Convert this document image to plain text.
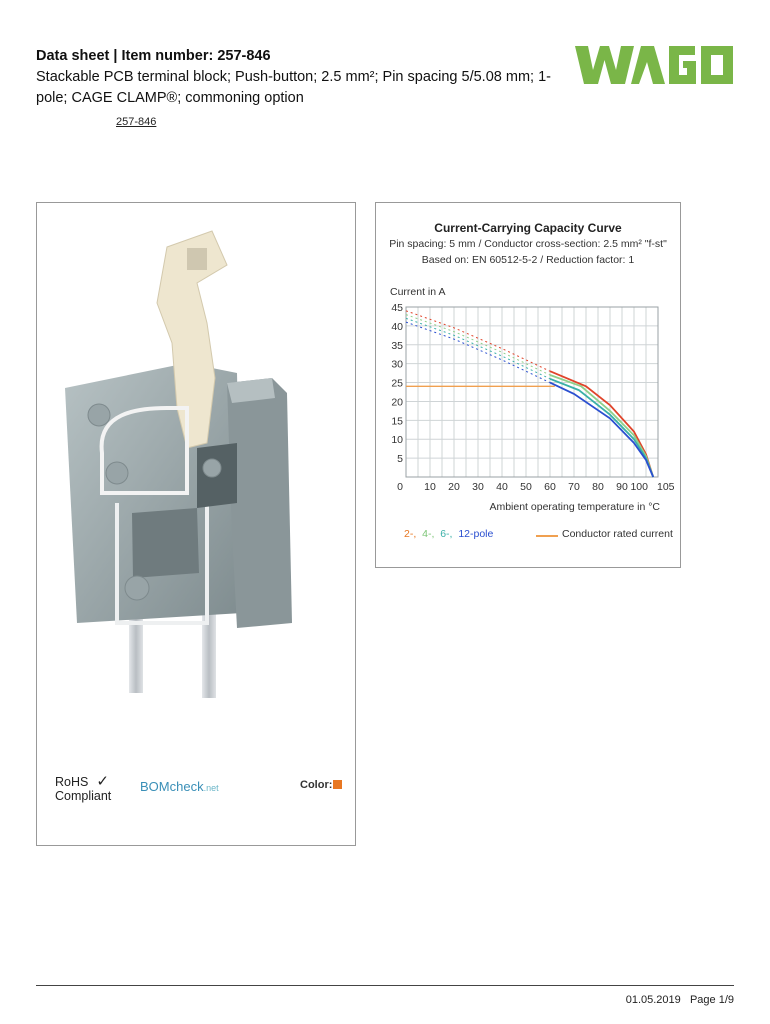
Data sheet | Item number: 257-846
Stackable PCB terminal block; Push-button; 2.5 mm²; Pin spacing 5/5.08 mm; 1-pole; CAGE CLAMP®; commoning option
257-846
RoHS ✓
Compliant
BOMcheck.net	Color:
Current-Carrying Capacity Curve
Pin spacing: 5 mm / Conductor cross-section: 2.5 mm² "f-st"
Based on: EN 60512-5-2 / Reduction factor: 1
Current in A
5
10
15
20
25
30
35
40
45
0 10 20 30 40 50 60 70 80 90 100 105
Ambient operating temperature in °C
2-, 4-, 6-, 12-pole	Conductor rated current
01.05.2019 Page 1/9
